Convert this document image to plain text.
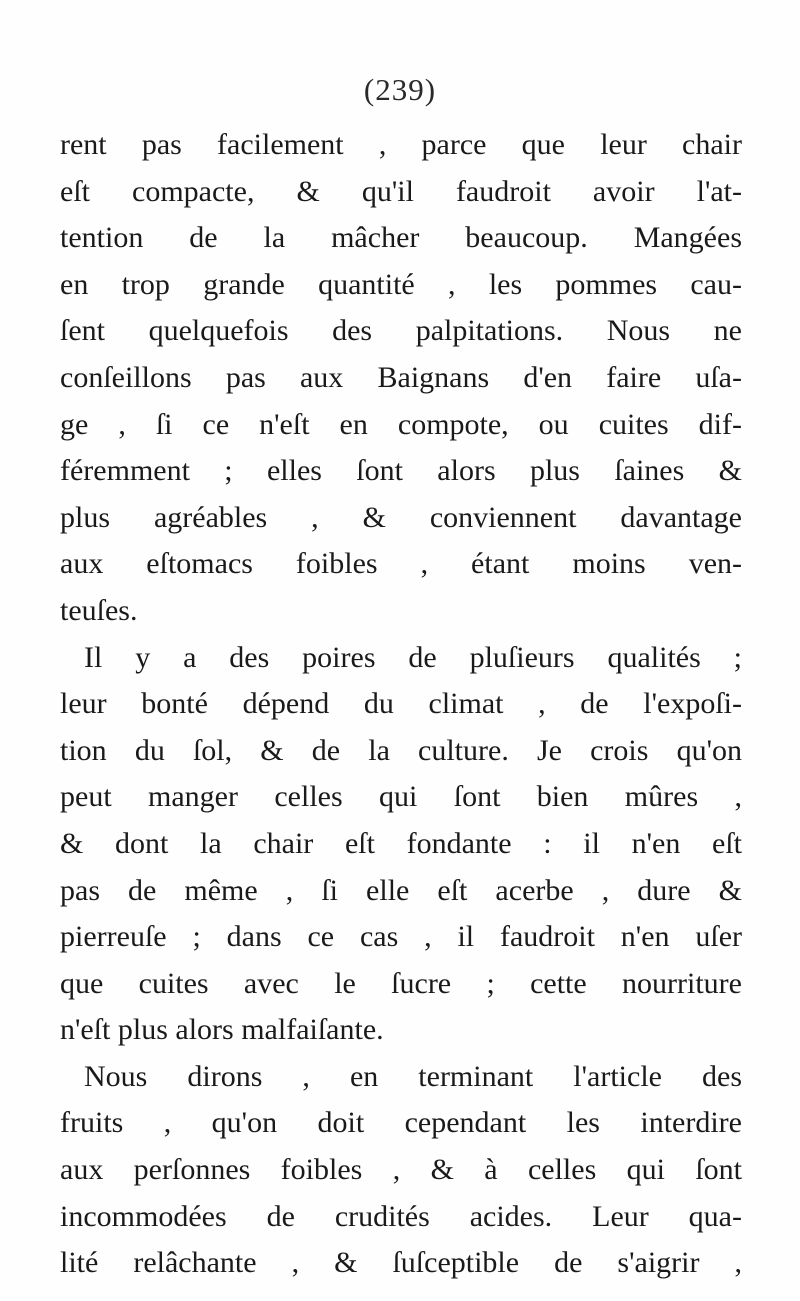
(239)
rent pas facilement , parce que leur chair
eſt compacte, & qu'il faudroit avoir l'at-
tention de la mâcher beaucoup. Mangées
en trop grande quantité , les pommes cau-
ſent quelquefois des palpitations. Nous ne
conſeillons pas aux Baignans d'en faire uſa-
ge , ſi ce n'eſt en compote, ou cuites dif-
féremment ; elles ſont alors plus ſaines &
plus agréables , & conviennent davantage
aux eſtomacs foibles , étant moins ven-
teuſes.
Il y a des poires de pluſieurs qualités ;
leur bonté dépend du climat , de l'expoſi-
tion du ſol, & de la culture. Je crois qu'on
peut manger celles qui ſont bien mûres ,
& dont la chair eſt fondante : il n'en eſt
pas de même , ſi elle eſt acerbe , dure &
pierreuſe ; dans ce cas , il faudroit n'en uſer
que cuites avec le ſucre ; cette nourriture
n'eſt plus alors malfaiſante.
Nous dirons , en terminant l'article des
fruits , qu'on doit cependant les interdire
aux perſonnes foibles , & à celles qui ſont
incommodées de crudités acides. Leur qua-
lité relâchante , & ſuſceptible de s'aigrir ,
